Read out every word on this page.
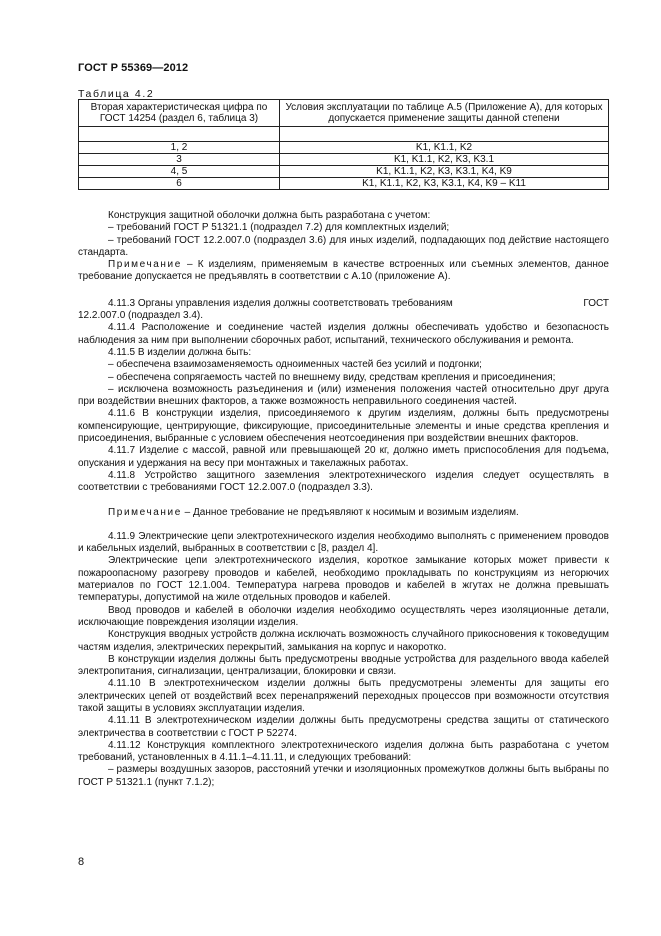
ГОСТ Р 55369—2012
Таблица 4.2
Вторая характеристическая цифра по ГОСТ 14254 (раздел 6, таблица 3)	Условия эксплуатации по таблице А.5 (Приложение А), для которых допускается применение защиты данной степени

1, 2	K1, K1.1, K2
3	K1, K1.1, K2, K3, K3.1
4, 5	K1, K1.1, K2, K3, K3.1, K4, K9
6	K1, K1.1, K2, K3, K3.1, K4, K9 – K11

Конструкция защитной оболочки должна быть разработана с учетом:

– требований ГОСТ Р 51321.1 (подраздел 7.2) для комплектных изделий;

– требований ГОСТ 12.2.007.0 (подраздел 3.6) для иных изделий, подпадающих под действие настоящего стандарта.

Примечание – К изделиям, применяемым в качестве встроенных или съемных элементов, данное требование допускается не предъявлять в соответствии с А.10 (приложение А).

4.11.3 Органы управления изделия должны соответствовать требованиям	ГОСТ

12.2.007.0 (подраздел 3.4).

4.11.4 Расположение и соединение частей изделия должны обеспечивать удобство и безопасность наблюдения за ним при выполнении сборочных работ, испытаний, технического обслуживания и ремонта.

4.11.5 В изделии должна быть:

– обеспечена взаимозаменяемость одноименных частей без усилий и подгонки;

– обеспечена сопрягаемость частей по внешнему виду, средствам крепления и присоединения;

– исключена возможность разъединения и (или) изменения положения частей относительно друг друга при воздействии внешних факторов, а также возможность неправильного соединения частей.

4.11.6 В конструкции изделия, присоединяемого к другим изделиям, должны быть предусмотрены компенсирующие, центрирующие, фиксирующие, присоединительные элементы и иные средства крепления и присоединения, выбранные с условием обеспечения неотсоединения при воздействии внешних факторов.

4.11.7 Изделие с массой, равной или превышающей 20 кг, должно иметь приспособления для подъема, опускания и удержания на весу при монтажных и такелажных работах.

4.11.8 Устройство защитного заземления электротехнического изделия следует осуществлять в соответствии с требованиями ГОСТ 12.2.007.0 (подраздел 3.3).

Примечание – Данное требование не предъявляют к носимым и возимым изделиям.

4.11.9 Электрические цепи электротехнического изделия необходимо выполнять с применением проводов и кабельных изделий, выбранных в соответствии с [8, раздел 4].

Электрические цепи электротехнического изделия, короткое замыкание которых может привести к пожароопасному разогреву проводов и кабелей, необходимо прокладывать по конструкциям из негорючих материалов по ГОСТ 12.1.004. Температура нагрева проводов и кабелей в жгутах не должна превышать температуры, допустимой на жиле отдельных проводов и кабелей.

Ввод проводов и кабелей в оболочки изделия необходимо осуществлять через изоляционные детали, исключающие повреждения изоляции изделия.

Конструкция вводных устройств должна исключать возможность случайного прикосновения к токоведущим частям изделия, электрических перекрытий, замыкания на корпус и накоротко.

В конструкции изделия должны быть предусмотрены вводные устройства для раздельного ввода кабелей электропитания, сигнализации, централизации, блокировки и связи.

4.11.10 В электротехническом изделии должны быть предусмотрены элементы для защиты его электрических цепей от воздействий всех перенапряжений переходных процессов при возможности отсутствия такой защиты в условиях эксплуатации изделия.

4.11.11 В электротехническом изделии должны быть предусмотрены средства защиты от статического электричества в соответствии с ГОСТ Р 52274.

4.11.12 Конструкция комплектного электротехнического изделия должна быть разработана с учетом требований, установленных в 4.11.1–4.11.11, и следующих требований:

– размеры воздушных зазоров, расстояний утечки и изоляционных промежутков должны быть выбраны по ГОСТ Р 51321.1 (пункт 7.1.2);

8
